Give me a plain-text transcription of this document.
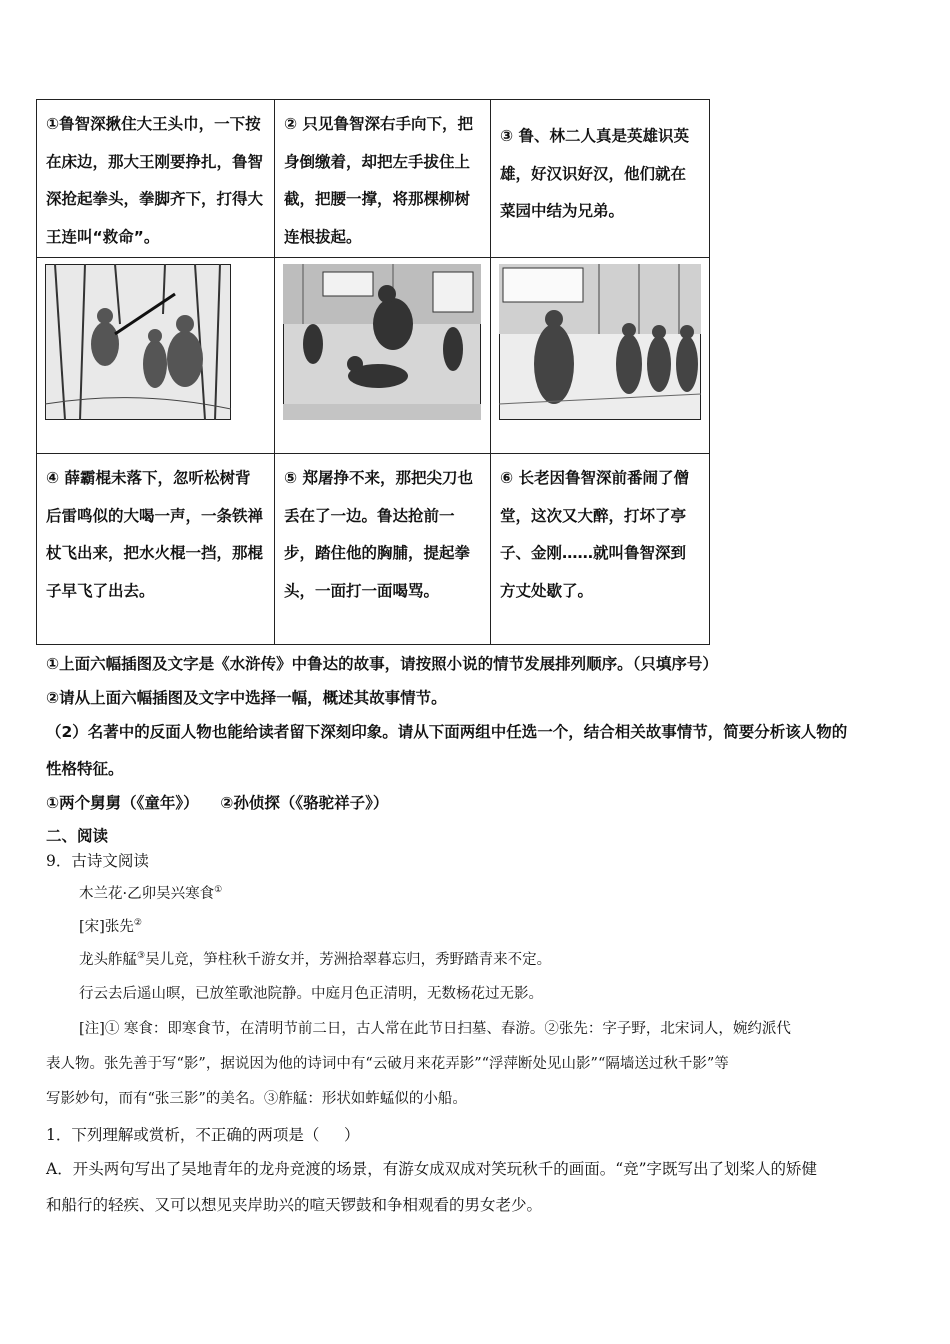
①鲁智深揪住大王头巾，一下按在床边，那大王刚要挣扎，鲁智深抢起拳头，拳脚齐下，打得大王连叫“救命”。	② 只见鲁智深右手向下，把身倒缴着，却把左手拔住上截，把腰一撑，将那棵柳树连根拔起。	③ 鲁、林二人真是英雄识英雄，好汉识好汉，他们就在菜园中结为兄弟。

④ 薛霸棍未落下，忽听松树背后雷鸣似的大喝一声，一条铁禅杖飞出来，把水火棍一挡，那棍子早飞了出去。	⑤ 郑屠挣不来，那把尖刀也丢在了一边。鲁达抢前一步，踏住他的胸脯，提起拳头，一面打一面喝骂。	⑥ 长老因鲁智深前番闹了僧堂，这次又大醉，打坏了亭子、金刚……就叫鲁智深到方丈处歇了。
①上面六幅插图及文字是《水浒传》中鲁达的故事，请按照小说的情节发展排列顺序。（只填序号）
②请从上面六幅插图及文字中选择一幅，概述其故事情节。
（2）名著中的反面人物也能给读者留下深刻印象。请从下面两组中任选一个，结合相关故事情节，简要分析该人物的
性格特征。
①两个舅舅（《童年》）    ②孙侦探（《骆驼祥子》）
二、阅读
9．古诗文阅读
木兰花·乙卯吴兴寒食①
[宋]张先②
龙头舴艋③吴儿竞，笋柱秋千游女并，芳洲拾翠暮忘归，秀野踏青来不定。
行云去后遥山暝，已放笙歌池院静。中庭月色正清明，无数杨花过无影。
[注]① 寒食：即寒食节，在清明节前二日，古人常在此节日扫墓、春游。②张先：字子野，北宋词人，婉约派代
表人物。张先善于写“影”，据说因为他的诗词中有“云破月来花弄影”“浮萍断处见山影”“隔墙送过秋千影”等
写影妙句，而有“张三影”的美名。③舴艋：形状如蚱蜢似的小船。
1．下列理解或赏析，不正确的两项是（     ）
A．开头两句写出了吴地青年的龙舟竞渡的场景，有游女成双成对笑玩秋千的画面。“竞”字既写出了划桨人的矫健
和船行的轻疾、又可以想见夹岸助兴的喧天锣鼓和争相观看的男女老少。
